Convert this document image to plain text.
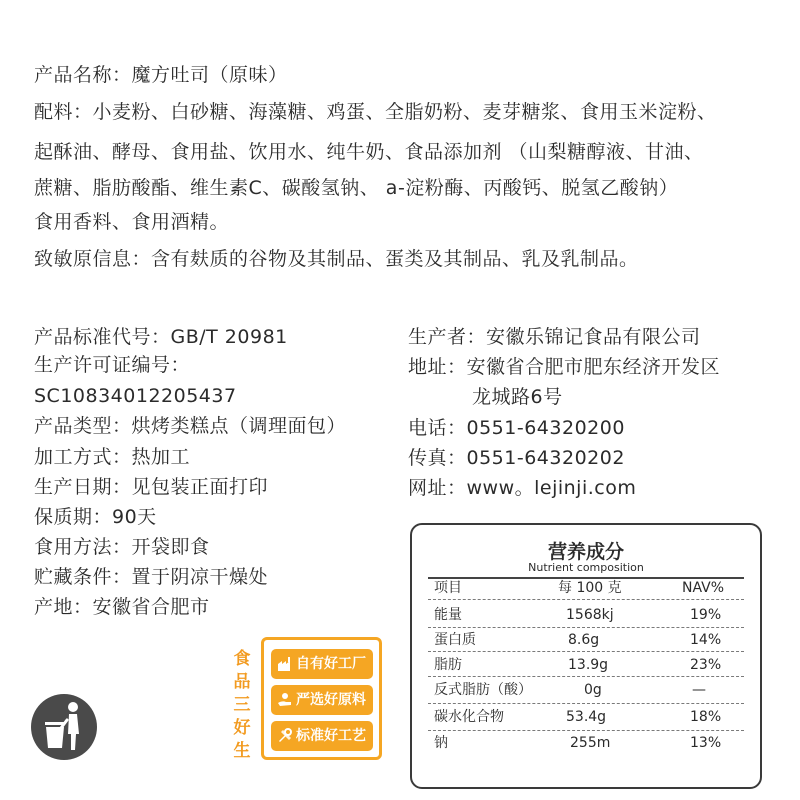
产品名称：魔方吐司（原味）
配料：小麦粉、白砂糖、海藻糖、鸡蛋、全脂奶粉、麦芽糖浆、食用玉米淀粉、
起酥油、酵母、食用盐、饮用水、纯牛奶、食品添加剂 （山梨糖醇液、甘油、
蔗糖、脂肪酸酯、维生素C、碳酸氢钠、 a-淀粉酶、丙酸钙、脱氢乙酸钠）
食用香料、食用酒精。
致敏原信息：含有麸质的谷物及其制品、蛋类及其制品、乳及乳制品。
产品标准代号：GB/T 20981
生产许可证编号：
SC10834012205437
产品类型：烘烤类糕点（调理面包）
加工方式：热加工
生产日期：见包装正面打印
保质期：90天
食用方法：开袋即食
贮藏条件：置于阴凉干燥处
产地：安徽省合肥市
生产者：安徽乐锦记食品有限公司
地址：安徽省合肥市肥东经济开发区
龙城路6号
电话：0551-64320200
传真：0551-64320202
网址：www。lejinji.com
营养成分
Nutrient composition
项目	每 100 克	NAV%
能量	1568kj	19%
蛋白质	8.6g	14%
脂肪	13.9g	23%
反式脂肪（酸）	0g	—
碳水化合物	53.4g	18%
钠	255m	13%
食
品
三
好
生
自有好工厂
严选好原料
标准好工艺
